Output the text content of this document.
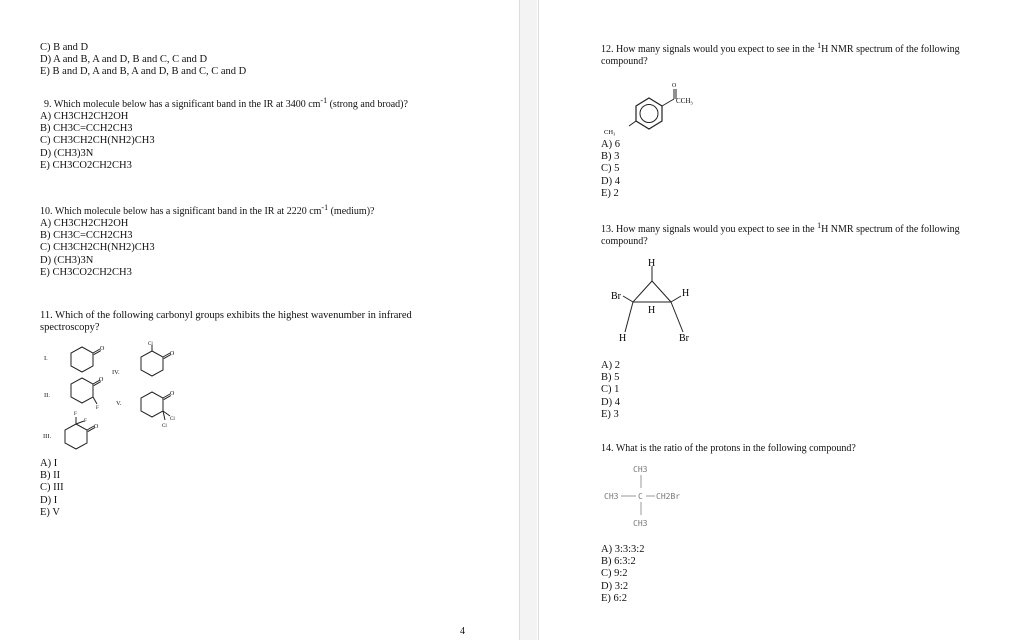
C) B and D
D) A and B, A and D, B and C, C and D
E) B and D, A and B, A and D, B and C, C and D
9. Which molecule below has a significant band in the IR at 3400 $cm^{-1}$ (strong and broad)?
A) CH3CH2CH2OH
B) CH3C=CCH2CH3
C) CH3CH2CH(NH2)CH3
D) (CH3)3N
E) CH3CO2CH2CH3
10. Which molecule below has a significant band in the IR at 2220 $cm^{-1}$ (medium)?
A) CH3CH2CH2OH
B) CH3C=CCH2CH3
C) CH3CH2CH(NH2)CH3
D) (CH3)3N
E) CH3CO2CH2CH3
11. Which of the following carbonyl groups exhibits the highest wavenumber in infrared
spectroscopy?
I.
II.
III.
IV.
V.
O
O
F
O
F
F
O
Cl
O
Cl
Cl
A) I
B) II
C) III
D) I
E) V
4
12. How many signals would you expect to see in the $^1$H NMR spectrum of the following
compound?
O
CCH₃
CH₃
A) 6
B) 3
C) 5
D) 4
E) 2
13. How many signals would you expect to see in the $^1$H NMR spectrum of the following
compound?
H
Br
H
H
H	Br
A) 2
B) 5
C) 1
D) 4
E) 3
14. What is the ratio of the protons in the following compound?
CH3
CH3 C CH2Br
CH3
A) 3:3:3:2
B) 6:3:2
C) 9:2
D) 3:2
E) 6:2
